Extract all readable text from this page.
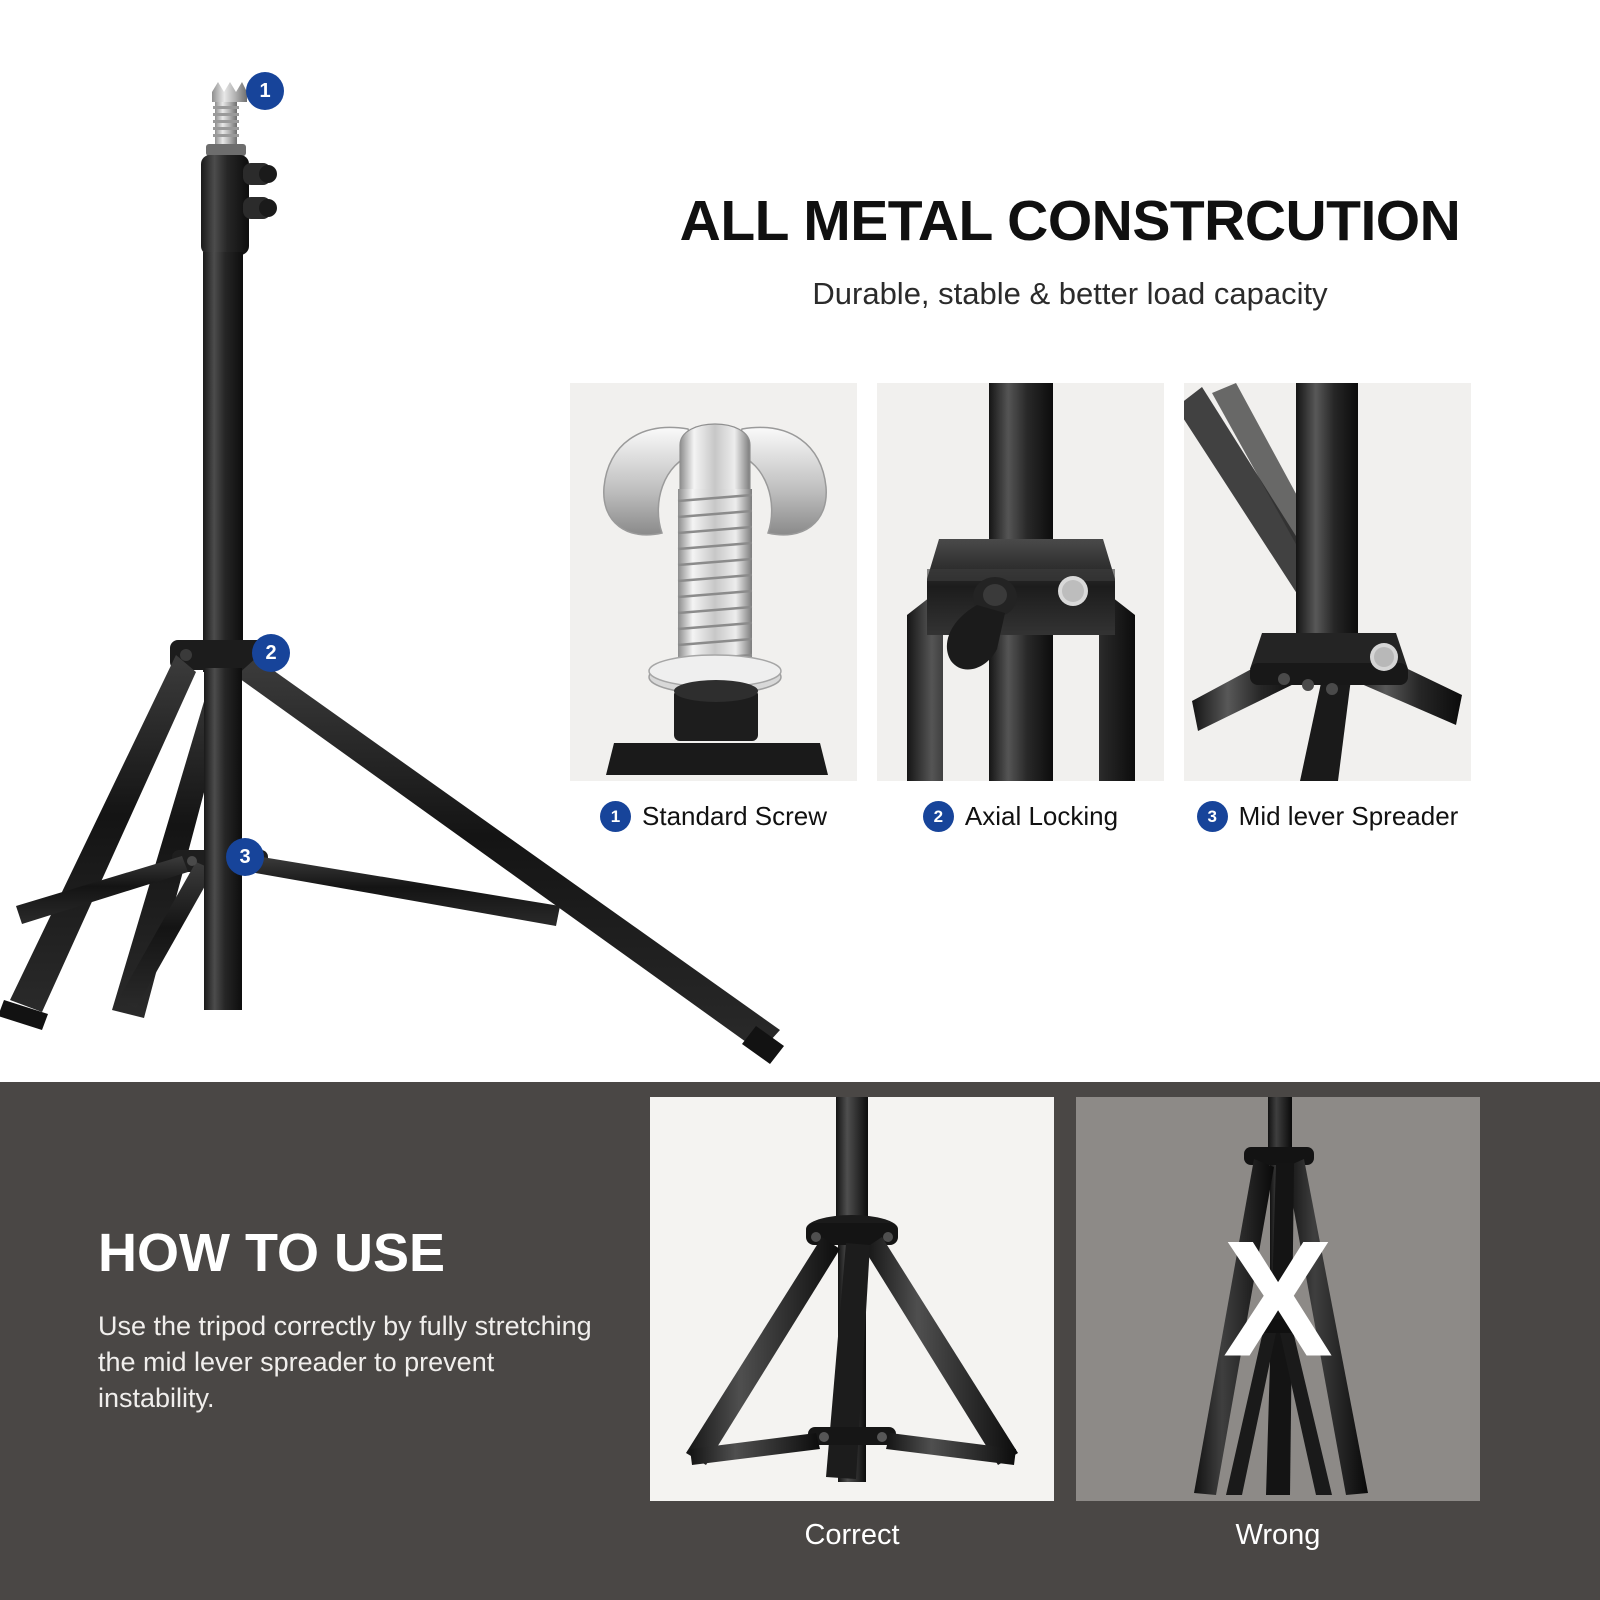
1
2
3
ALL METAL CONSTRCUTION

Durable, stable & better load capacity

1 Standard Screw	2 Axial Locking	3 Mid lever Spreader
HOW TO USE

Use the tripod correctly by fully stretching the mid lever spreader to prevent instability.

Correct
X
Wrong
